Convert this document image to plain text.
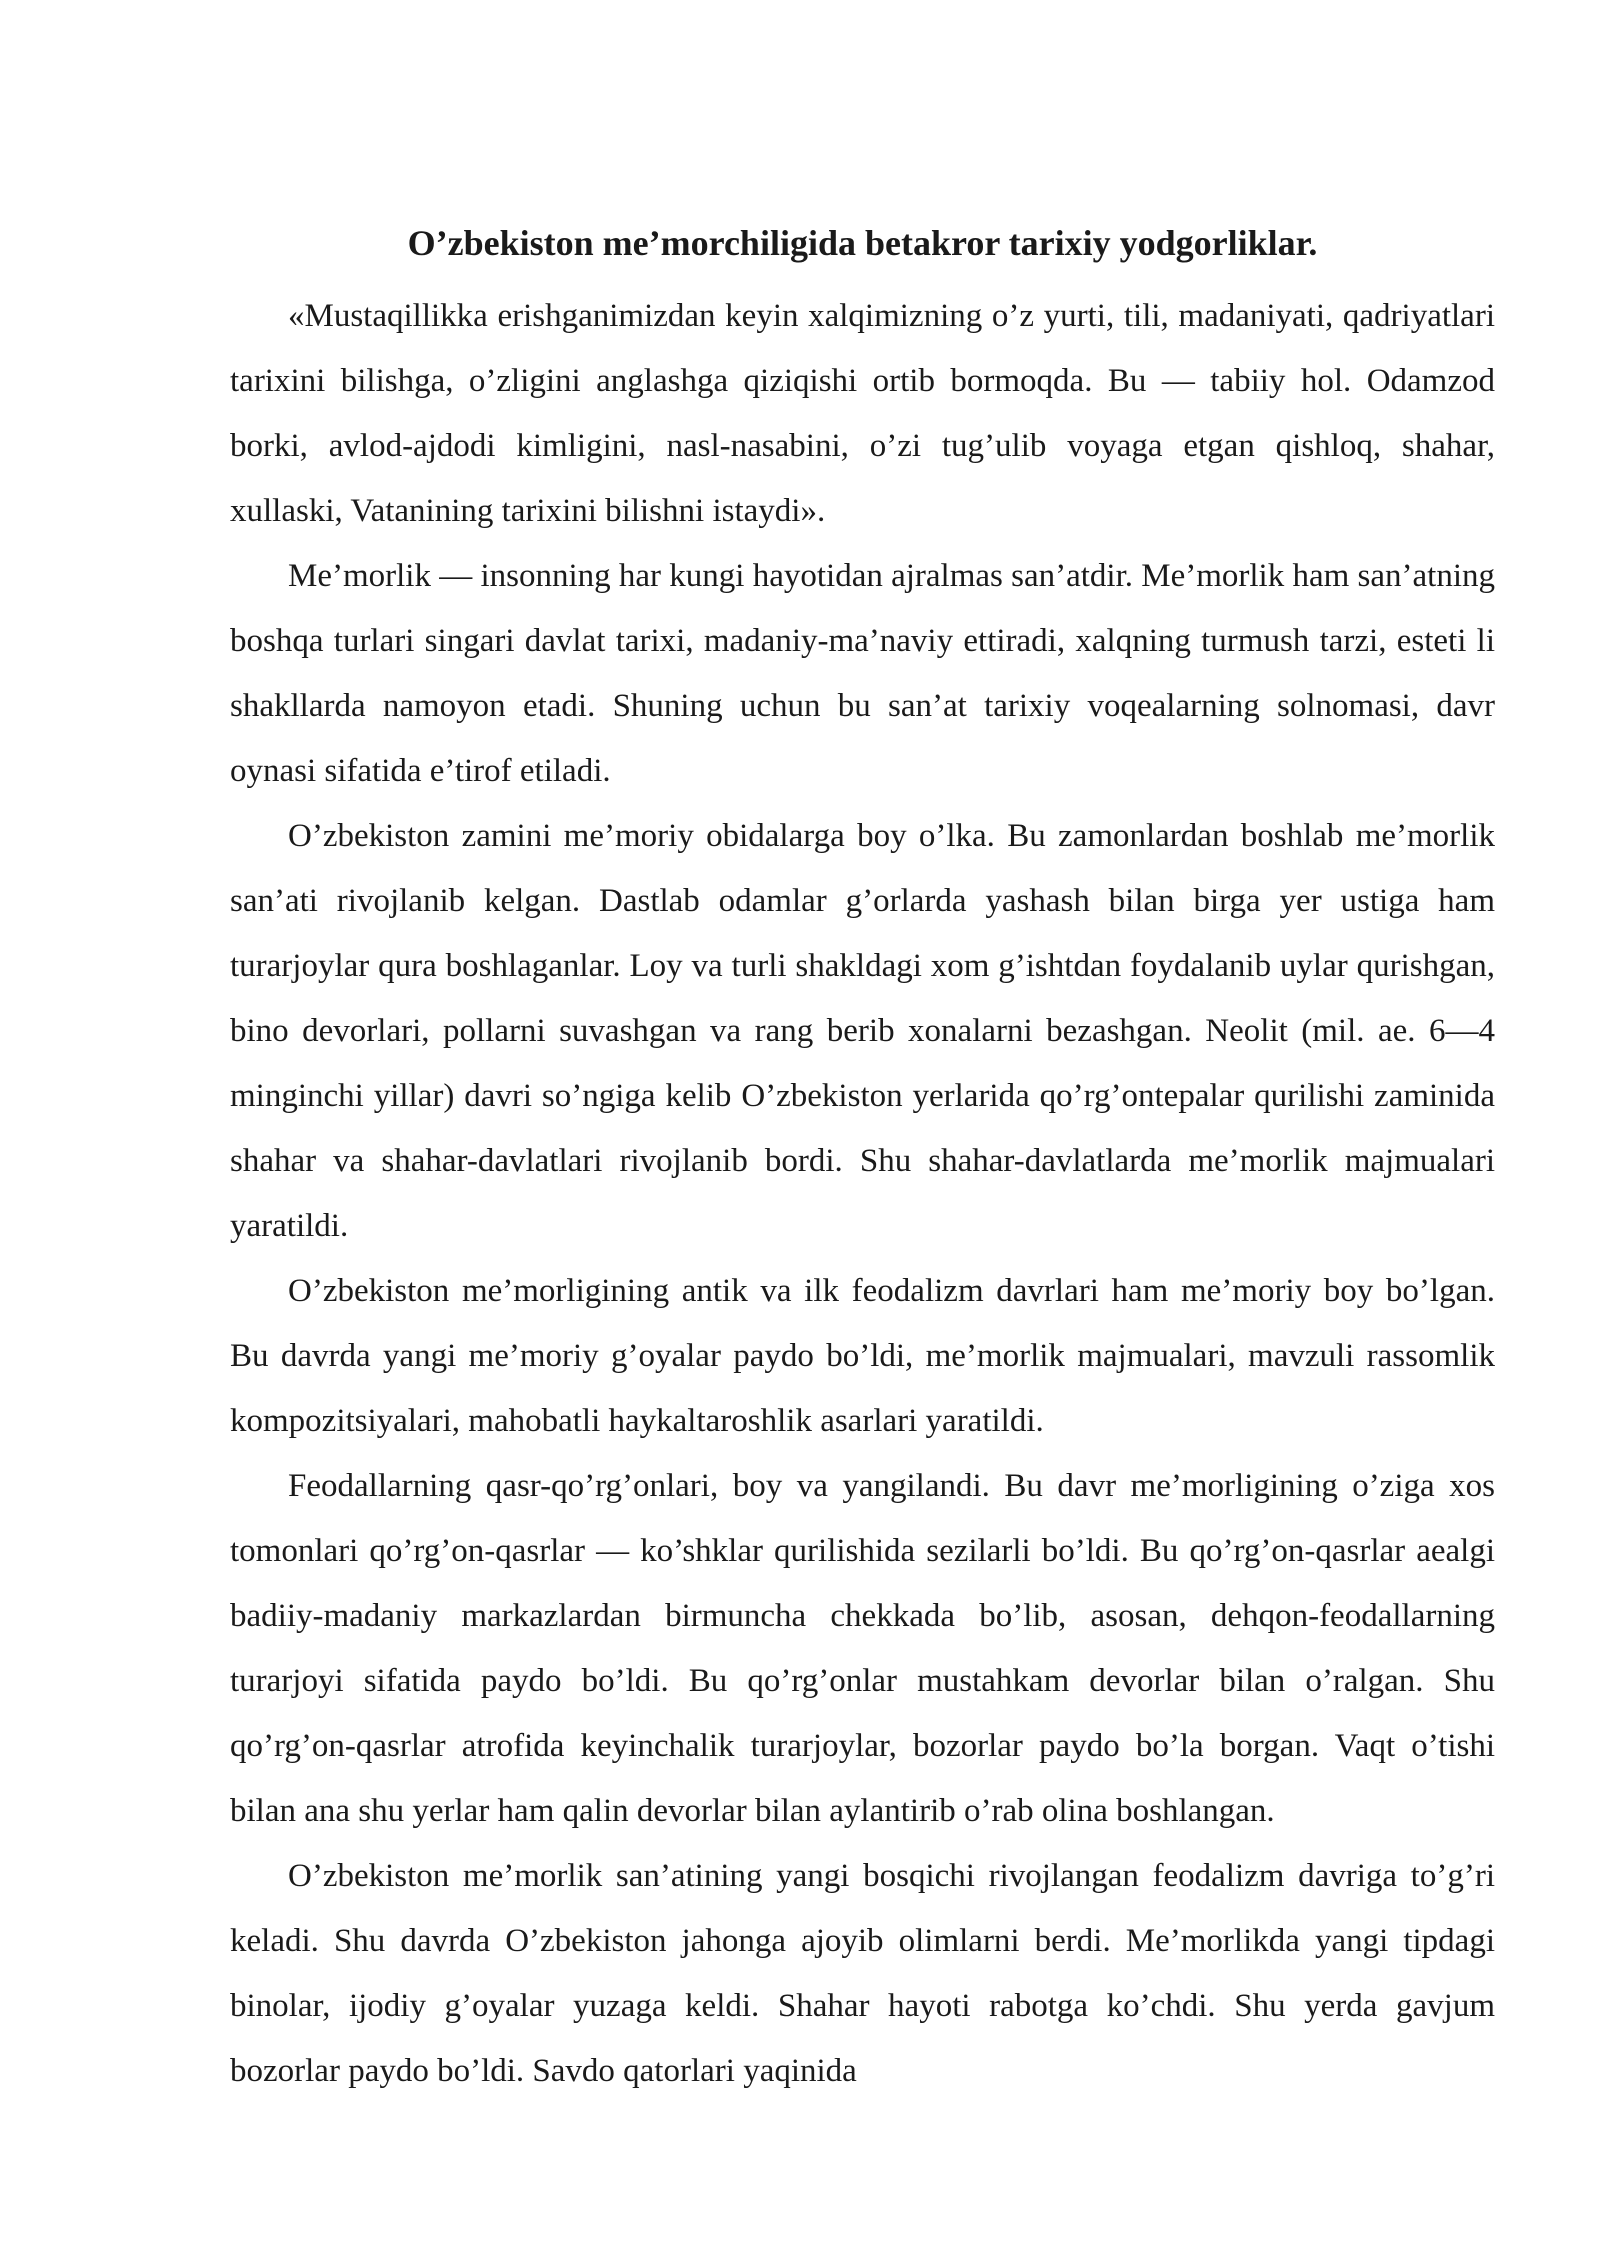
O’zbekiston me’morchiligida betakror tarixiy yodgorliklar.

«Mustaqillikka erishganimizdan keyin xalqimizning o’z yurti, tili, madaniyati, qadriyatlari tarixini bilishga, o’zligini anglashga qiziqishi ortib bormoqda. Bu — tabiiy hol. Odamzod borki, avlod-ajdodi kimligini, nasl-nasabini, o’zi tug’ulib voyaga etgan qishloq, shahar, xullaski, Vatanining tarixini bilishni istaydi».

Me’morlik — insonning har kungi hayotidan ajralmas san’atdir. Me’morlik ham san’atning boshqa turlari singari davlat tarixi, madaniy-ma’naviy ettiradi, xalqning turmush tarzi, esteti li shakllarda namoyon etadi. Shuning uchun bu san’at tarixiy voqealarning solnomasi, davr oynasi sifatida e’tirof etiladi.

O’zbekiston zamini me’moriy obidalarga boy o’lka. Bu zamonlardan boshlab me’morlik san’ati rivojlanib kelgan. Dastlab odamlar g’orlarda yashash bilan birga yer ustiga ham turarjoylar qura boshlaganlar. Loy va turli shakldagi xom g’ishtdan foydalanib uylar qurishgan, bino devorlari, pollarni suvashgan va rang berib xonalarni bezashgan. Neolit (mil. ae. 6—4 minginchi yillar) davri so’ngiga kelib O’zbekiston yerlarida qo’rg’ontepalar qurilishi zaminida shahar va shahar-davlatlari rivojlanib bordi. Shu shahar-davlatlarda me’morlik majmualari yaratildi.

O’zbekiston me’morligining antik va ilk feodalizm davrlari ham me’moriy boy bo’lgan. Bu davrda yangi me’moriy g’oyalar paydo bo’ldi, me’morlik majmualari, mavzuli rassomlik kompozitsiyalari, mahobatli haykaltaroshlik asarlari yaratildi.

Feodallarning qasr-qo’rg’onlari, boy va yangilandi. Bu davr me’morligining o’ziga xos tomonlari qo’rg’on-qasrlar — ko’shklar qurilishida sezilarli bo’ldi. Bu qo’rg’on-qasrlar aealgi badiiy-madaniy markazlardan birmuncha chekkada bo’lib, asosan, dehqon-feodallarning turarjoyi sifatida paydo bo’ldi. Bu qo’rg’onlar mustahkam devorlar bilan o’ralgan. Shu qo’rg’on-qasrlar atrofida keyinchalik turarjoylar, bozorlar paydo bo’la borgan. Vaqt o’tishi bilan ana shu yerlar ham qalin devorlar bilan aylantirib o’rab olina boshlangan.

O’zbekiston me’morlik san’atining yangi bosqichi rivojlangan feodalizm davriga to’g’ri keladi. Shu davrda O’zbekiston jahonga ajoyib olimlarni berdi. Me’morlikda yangi tipdagi binolar, ijodiy g’oyalar yuzaga keldi. Shahar hayoti rabotga ko’chdi. Shu yerda gavjum bozorlar paydo bo’ldi. Savdo qatorlari yaqinida
